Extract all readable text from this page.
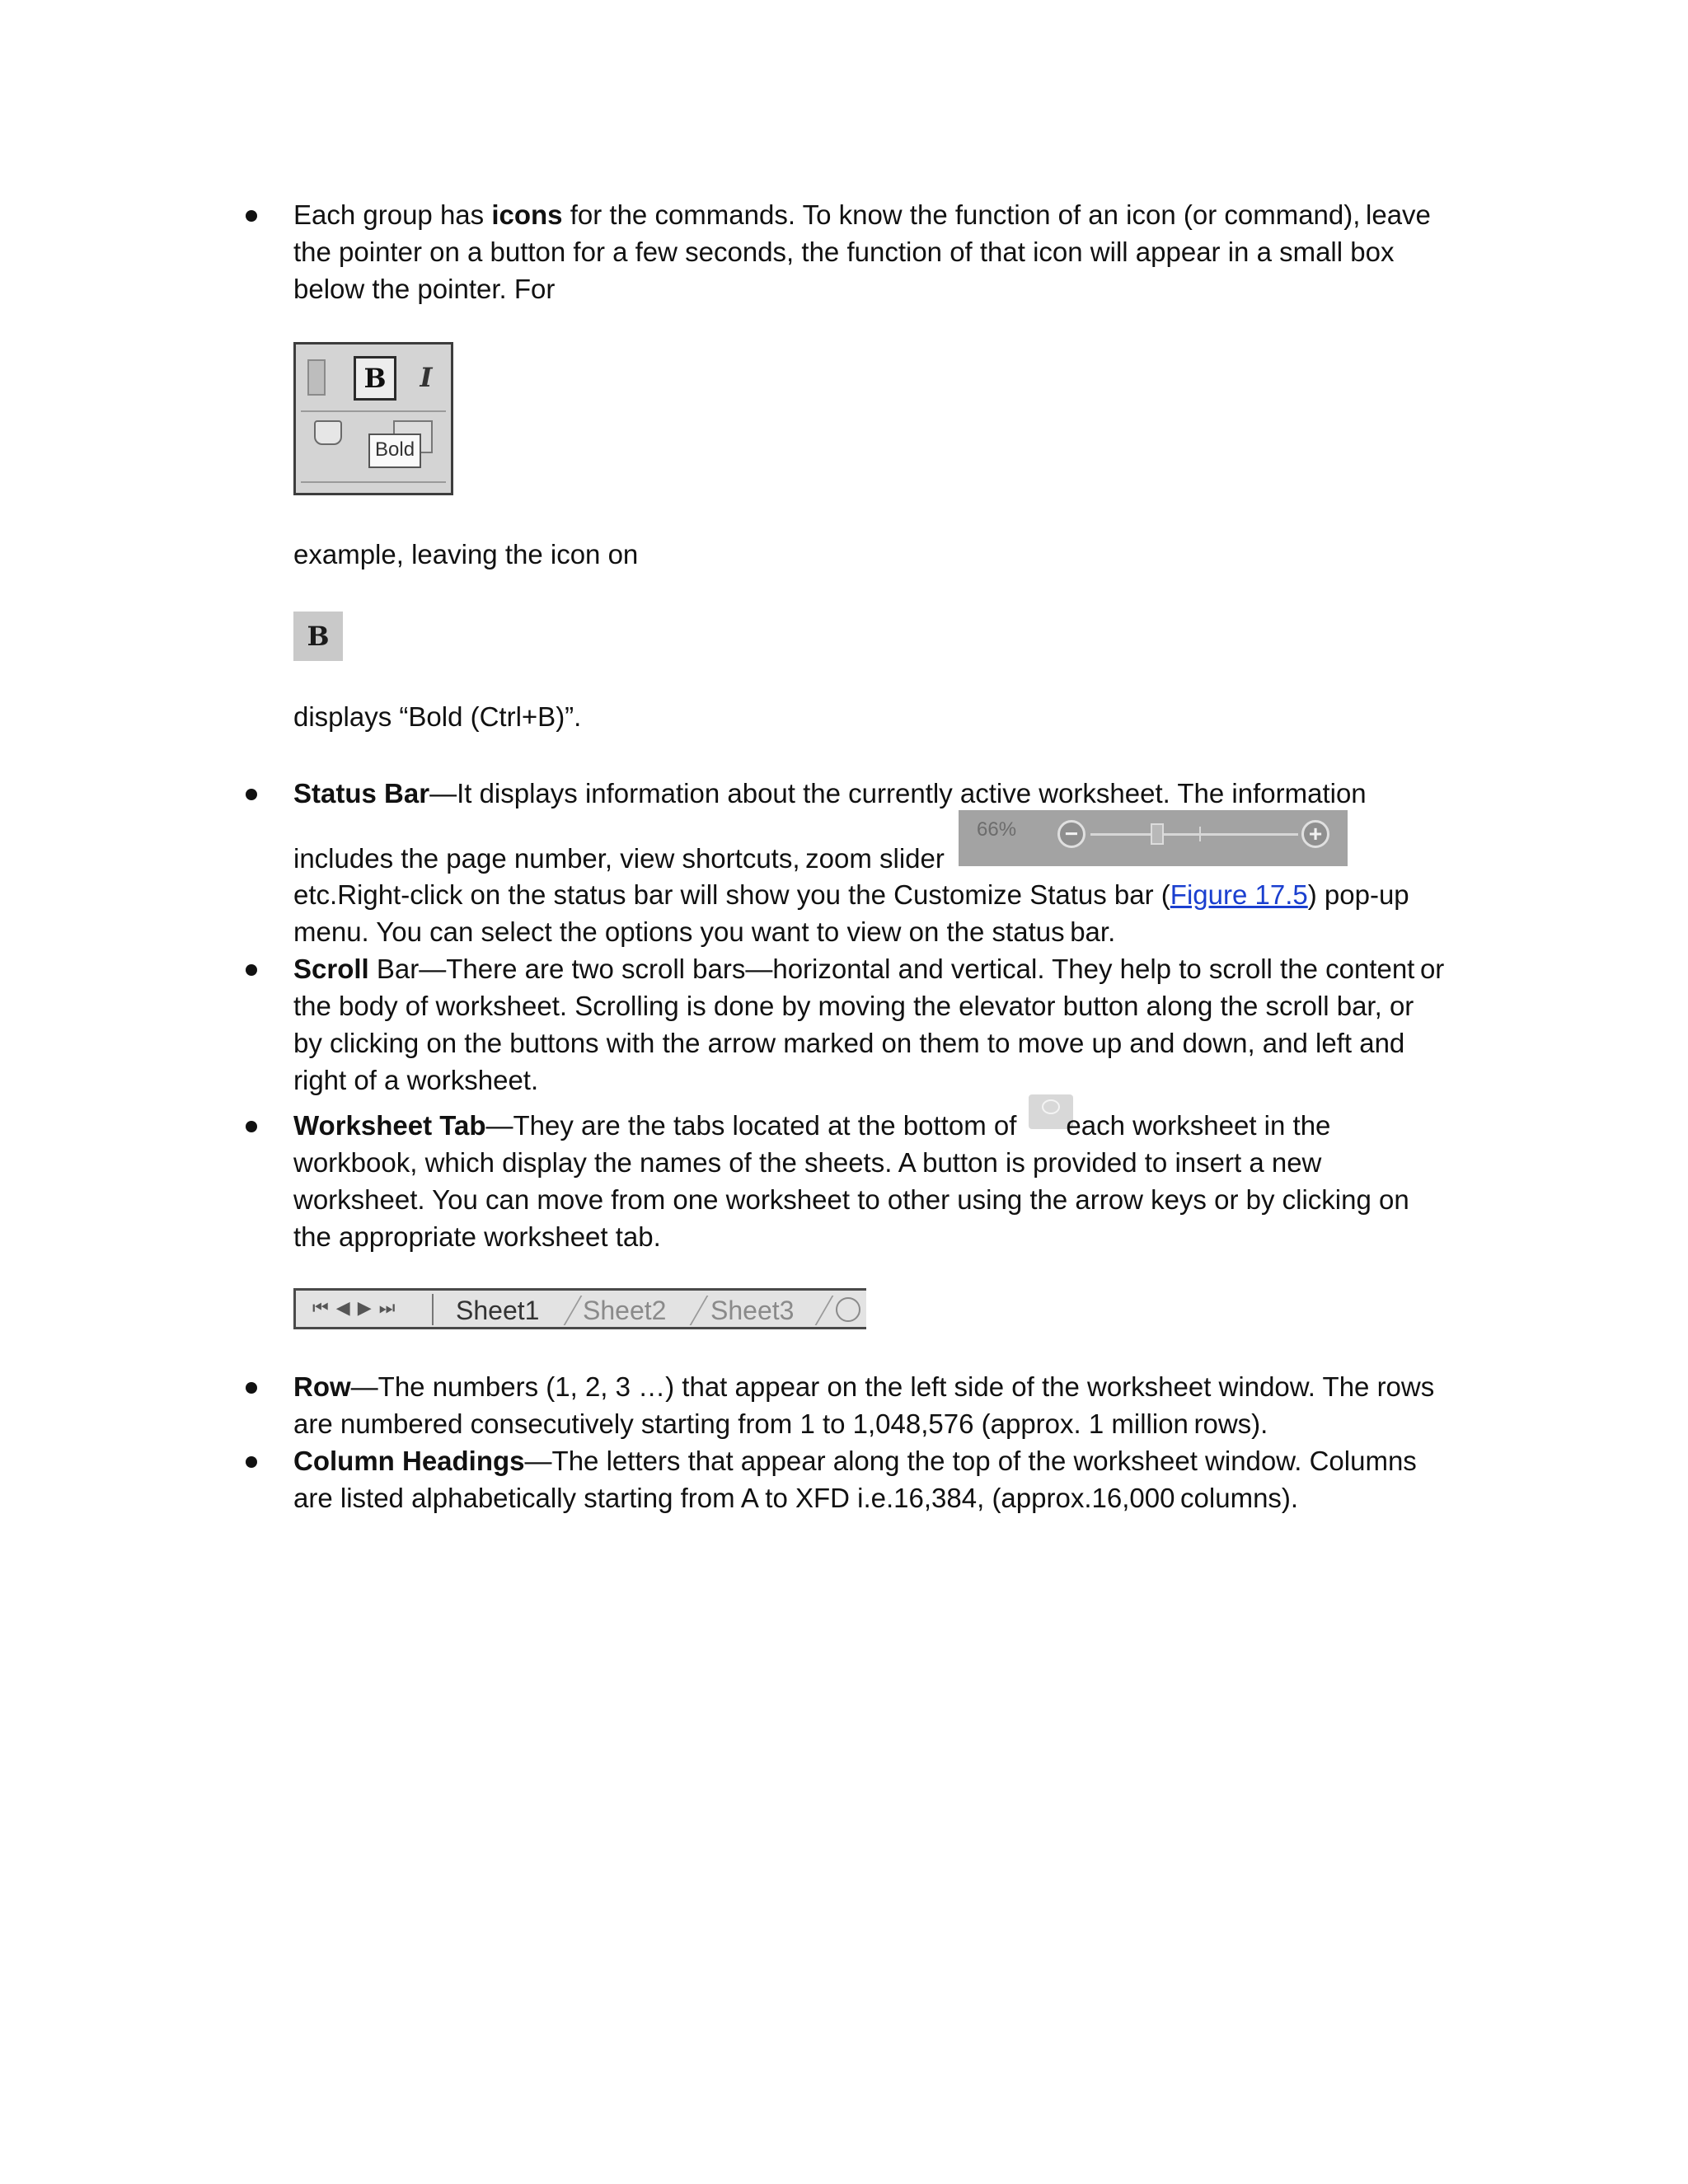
Each group has icons for the commands. To know the function of an icon (or command), leave
the pointer on a button for a few seconds, the function of that icon will appear in a small box
below the pointer. For
B	I
Bold
example, leaving the icon on
B
displays “Bold (Ctrl+B)”.
Status Bar—It displays information about the currently active worksheet. The information
includes the page number, view shortcuts, zoom slider
66%	−	+
etc.Right-click on the status bar will show you the Customize Status bar (Figure 17.5) pop-up
menu. You can select the options you want to view on the status bar.
Scroll Bar—There are two scroll bars—horizontal and vertical. They help to scroll the content or
the body of worksheet. Scrolling is done by moving the elevator button along the scroll bar, or
by clicking on the buttons with the arrow marked on them to move up and down, and left and
right of a worksheet.
Worksheet Tab—They are the tabs located at the bottom of each worksheet in the
workbook, which display the names of the sheets. A button is provided to insert a new
worksheet. You can move from one worksheet to other using the arrow keys or by clicking on
the appropriate worksheet tab.
⏮◀▶⏭ Sheet1 Sheet2 Sheet3
Row—The numbers (1, 2, 3 …) that appear on the left side of the worksheet window. The rows
are numbered consecutively starting from 1 to 1,048,576 (approx. 1 million rows).
Column Headings—The letters that appear along the top of the worksheet window. Columns
are listed alphabetically starting from A to XFD i.e.16,384, (approx.16,000 columns).
